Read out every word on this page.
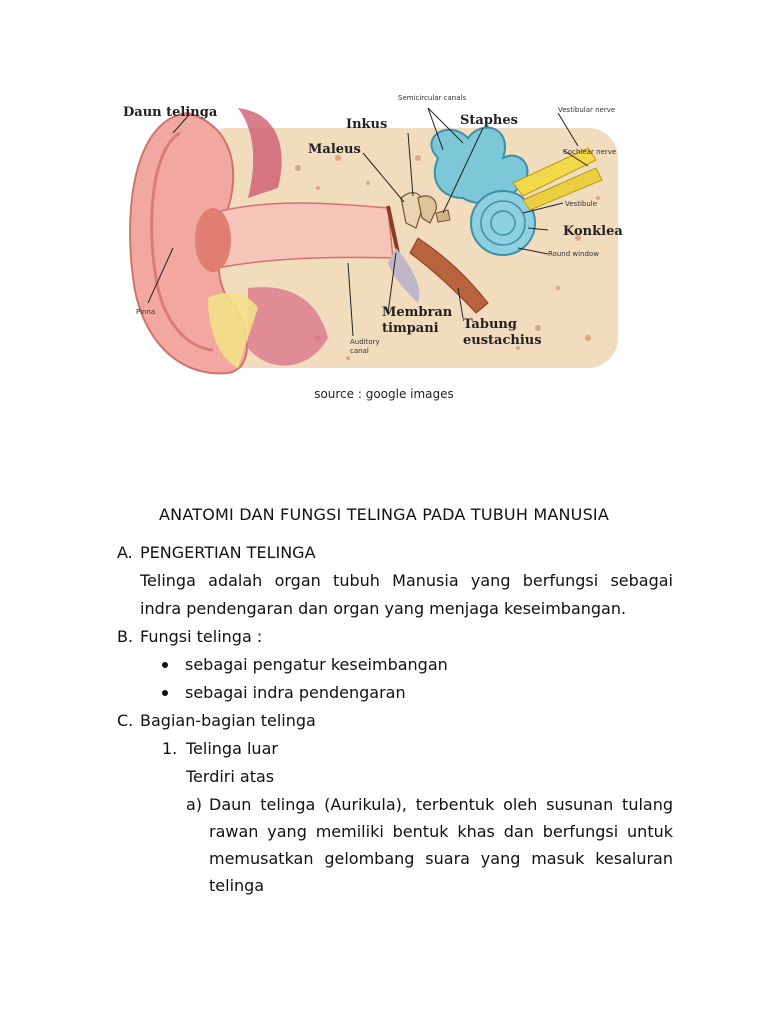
Daun telinga
Inkus
Semicircular canals
Staphes
Vestibular nerve
Maleus	Cochlear nerve
Vestibule
Konklea
Round window
Pinna	Membran
timpani Tabung
eustachius
Auditory
canal
source : google images
ANATOMI DAN FUNGSI TELINGA PADA TUBUH MANUSIA
A. PENGERTIAN TELINGA
Telinga adalah organ tubuh Manusia yang berfungsi sebagai
indra pendengaran dan organ yang menjaga keseimbangan.
B. Fungsi telinga :
sebagai pengatur keseimbangan
sebagai indra pendengaran
C. Bagian-bagian telinga
1. Telinga luar
Terdiri atas
a) Daun telinga (Aurikula), terbentuk oleh susunan tulang
rawan yang memiliki bentuk khas dan berfungsi untuk
memusatkan gelombang suara yang masuk kesaluran
telinga
